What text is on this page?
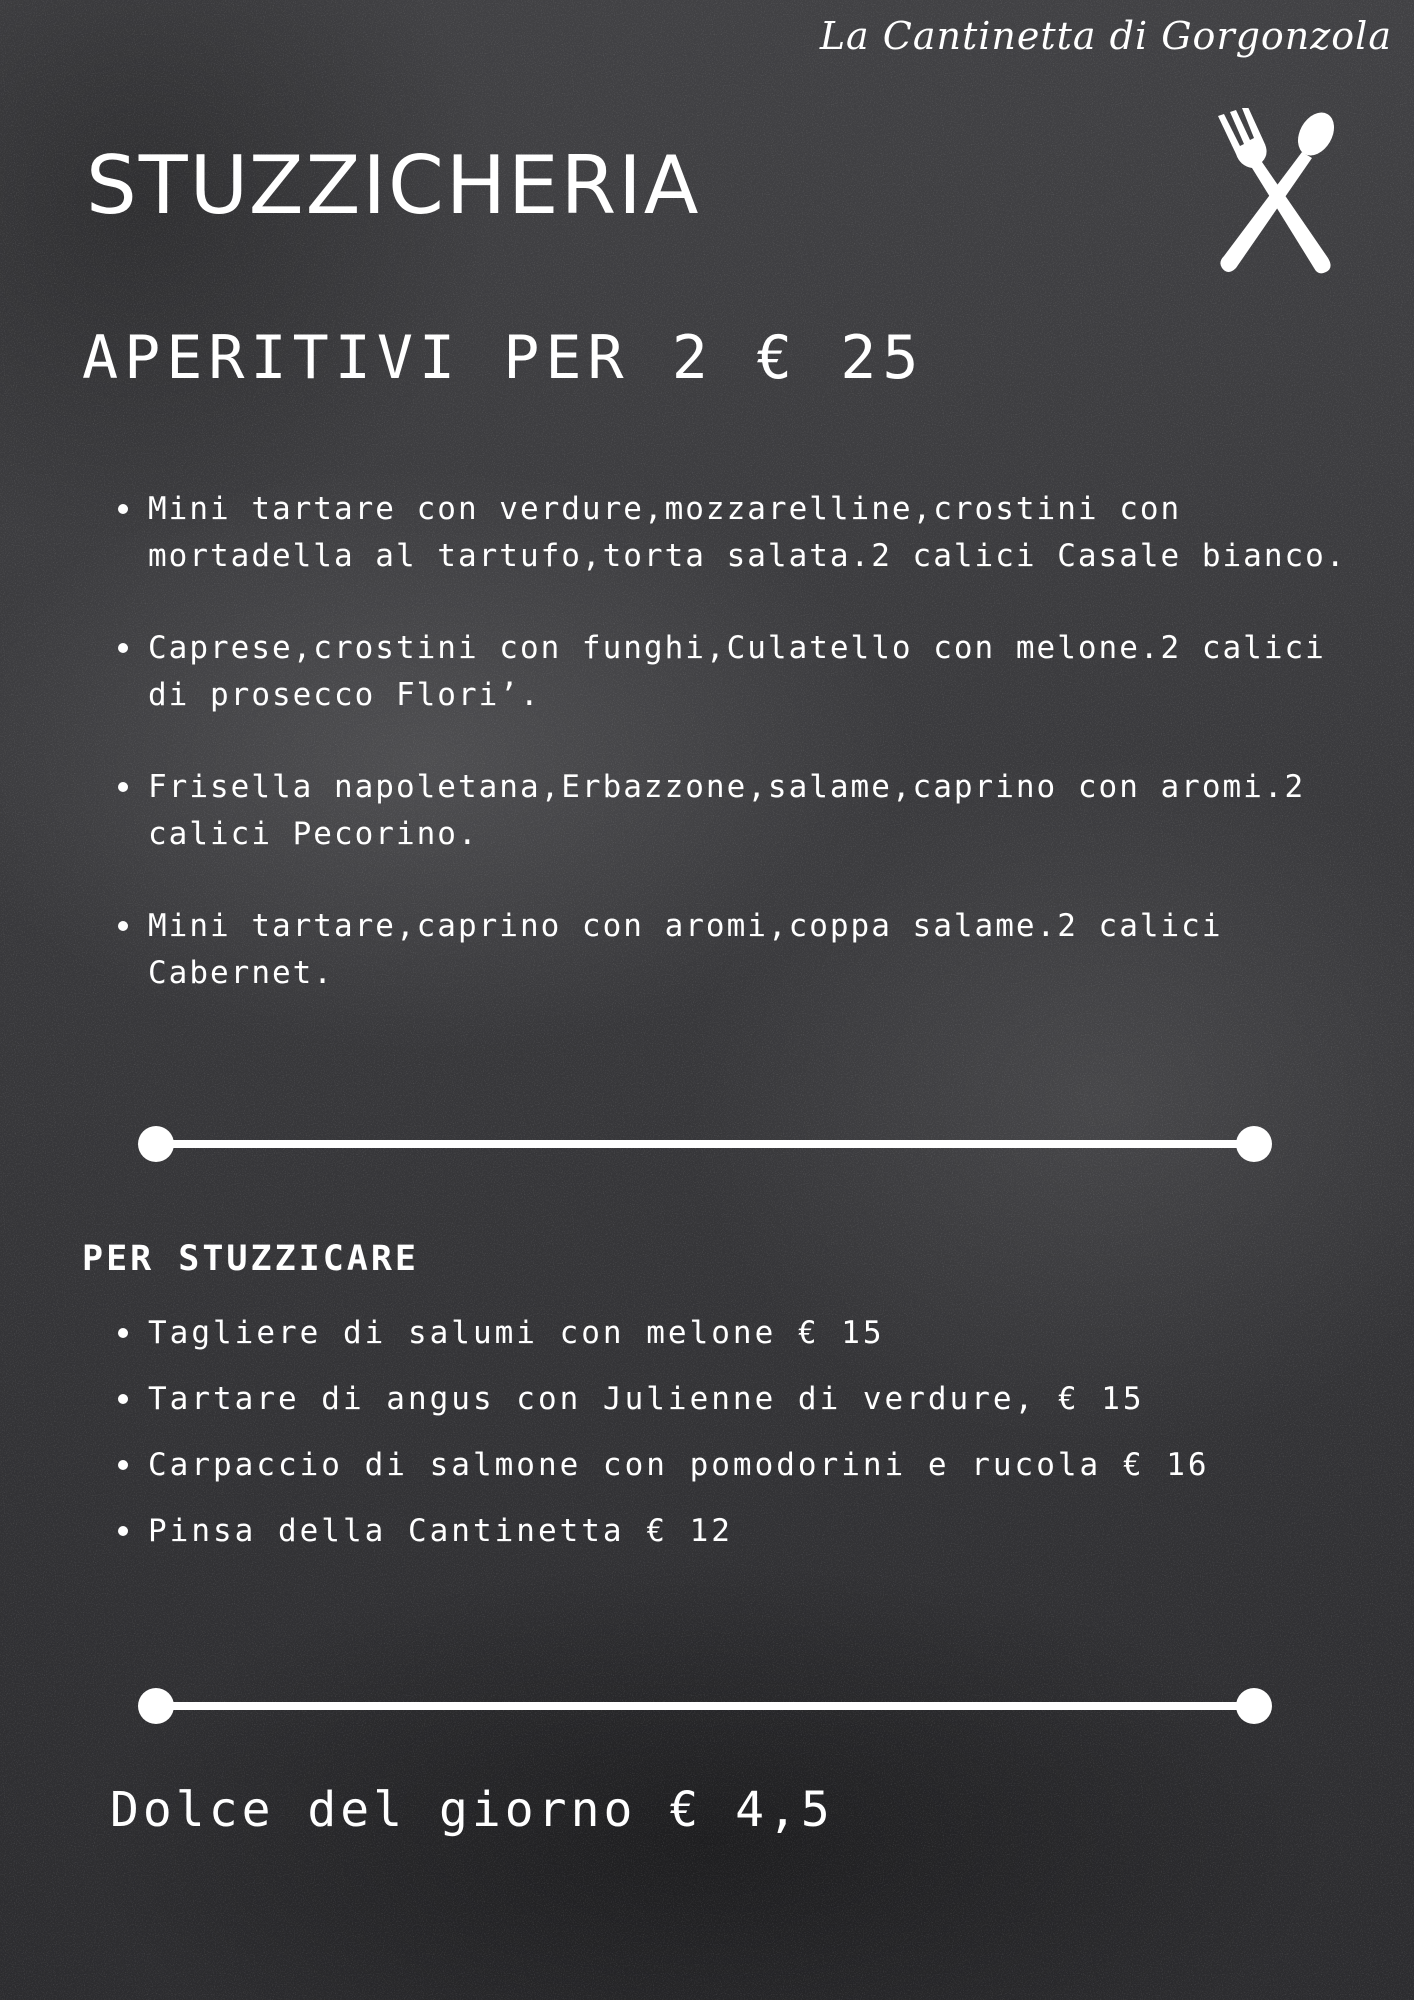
La Cantinetta di Gorgonzola
STUZZICHERIA
APERITIVI PER 2 € 25
Mini tartare con verdure,mozzarelline,crostini con mortadella al tartufo,torta salata.2 calici Casale bianco.
Caprese,crostini con funghi,Culatello con melone.2 calici di prosecco Flori’.
Frisella napoletana,Erbazzone,salame,caprino con aromi.2 calici Pecorino.
Mini tartare,caprino con aromi,coppa salame.2 calici Cabernet.
PER STUZZICARE
Tagliere di salumi con melone € 15
Tartare di angus con Julienne di verdure, € 15
Carpaccio di salmone con pomodorini e rucola € 16
Pinsa della Cantinetta € 12

Dolce del giorno € 4,5
